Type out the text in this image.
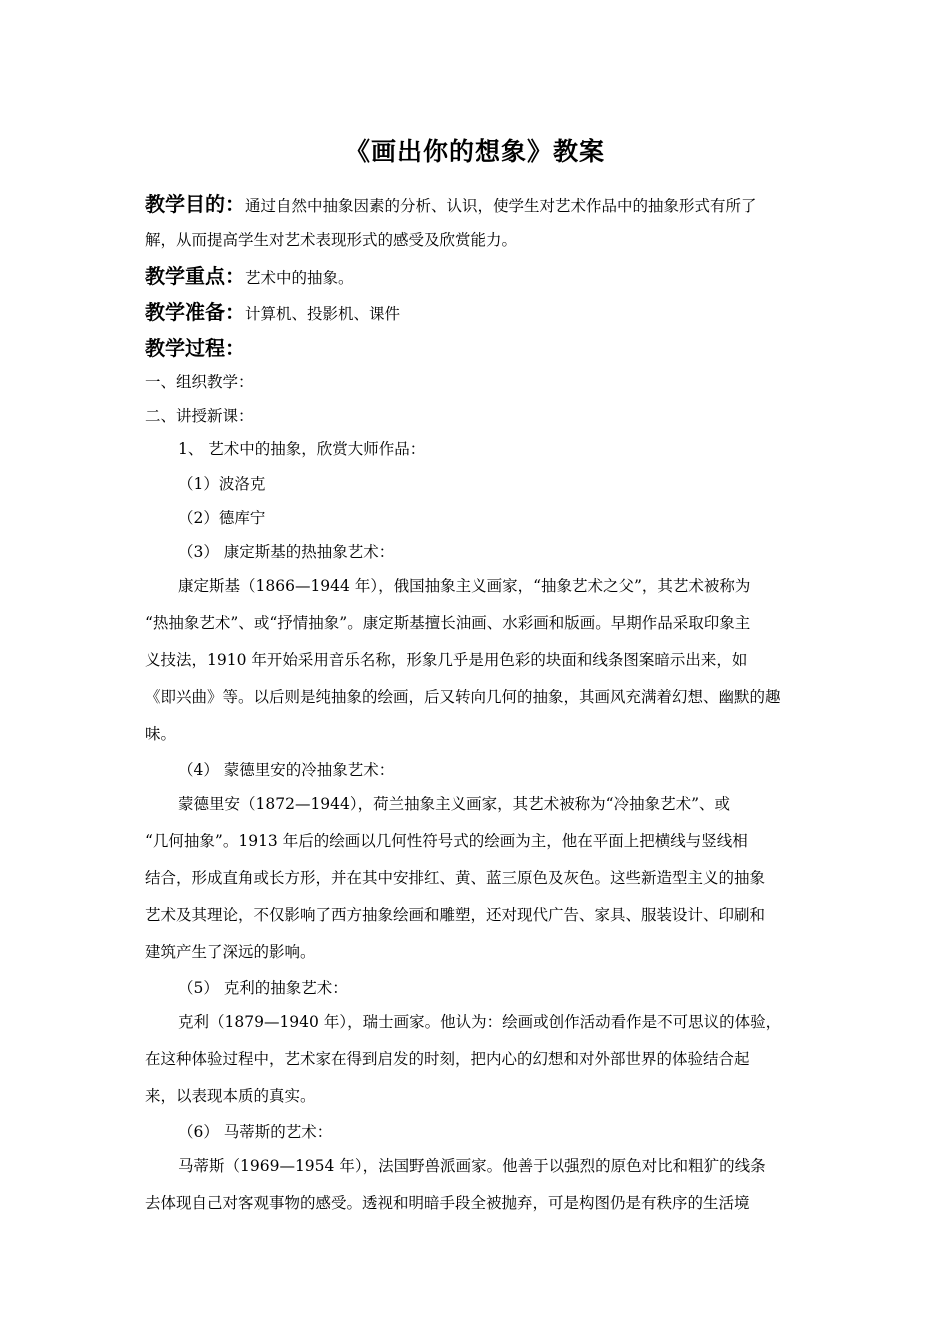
《画出你的想象》教案
教学目的：通过自然中抽象因素的分析、认识，使学生对艺术作品中的抽象形式有所了
解，从而提高学生对艺术表现形式的感受及欣赏能力。
教学重点：艺术中的抽象。
教学准备：计算机、投影机、课件
教学过程：
一、组织教学：
二、讲授新课：
1、 艺术中的抽象，欣赏大师作品：
（1）波洛克
（2）德库宁
（3） 康定斯基的热抽象艺术：
康定斯基（1866—1944 年），俄国抽象主义画家，“抽象艺术之父”，其艺术被称为
“热抽象艺术”、或“抒情抽象”。康定斯基擅长油画、水彩画和版画。早期作品采取印象主
义技法，1910 年开始采用音乐名称，形象几乎是用色彩的块面和线条图案暗示出来，如
《即兴曲》等。以后则是纯抽象的绘画，后又转向几何的抽象，其画风充满着幻想、幽默的趣
味。
（4） 蒙德里安的冷抽象艺术：
蒙德里安（1872—1944），荷兰抽象主义画家，其艺术被称为“冷抽象艺术”、或
“几何抽象”。1913 年后的绘画以几何性符号式的绘画为主，他在平面上把横线与竖线相
结合，形成直角或长方形，并在其中安排红、黄、蓝三原色及灰色。这些新造型主义的抽象
艺术及其理论，不仅影响了西方抽象绘画和雕塑，还对现代广告、家具、服装设计、印刷和
建筑产生了深远的影响。
（5） 克利的抽象艺术：
克利（1879—1940 年），瑞士画家。他认为：绘画或创作活动看作是不可思议的体验，
在这种体验过程中，艺术家在得到启发的时刻，把内心的幻想和对外部世界的体验结合起
来，以表现本质的真实。
（6） 马蒂斯的艺术：
马蒂斯（1969—1954 年），法国野兽派画家。他善于以强烈的原色对比和粗犷的线条
去体现自己对客观事物的感受。透视和明暗手段全被抛弃，可是构图仍是有秩序的生活境
